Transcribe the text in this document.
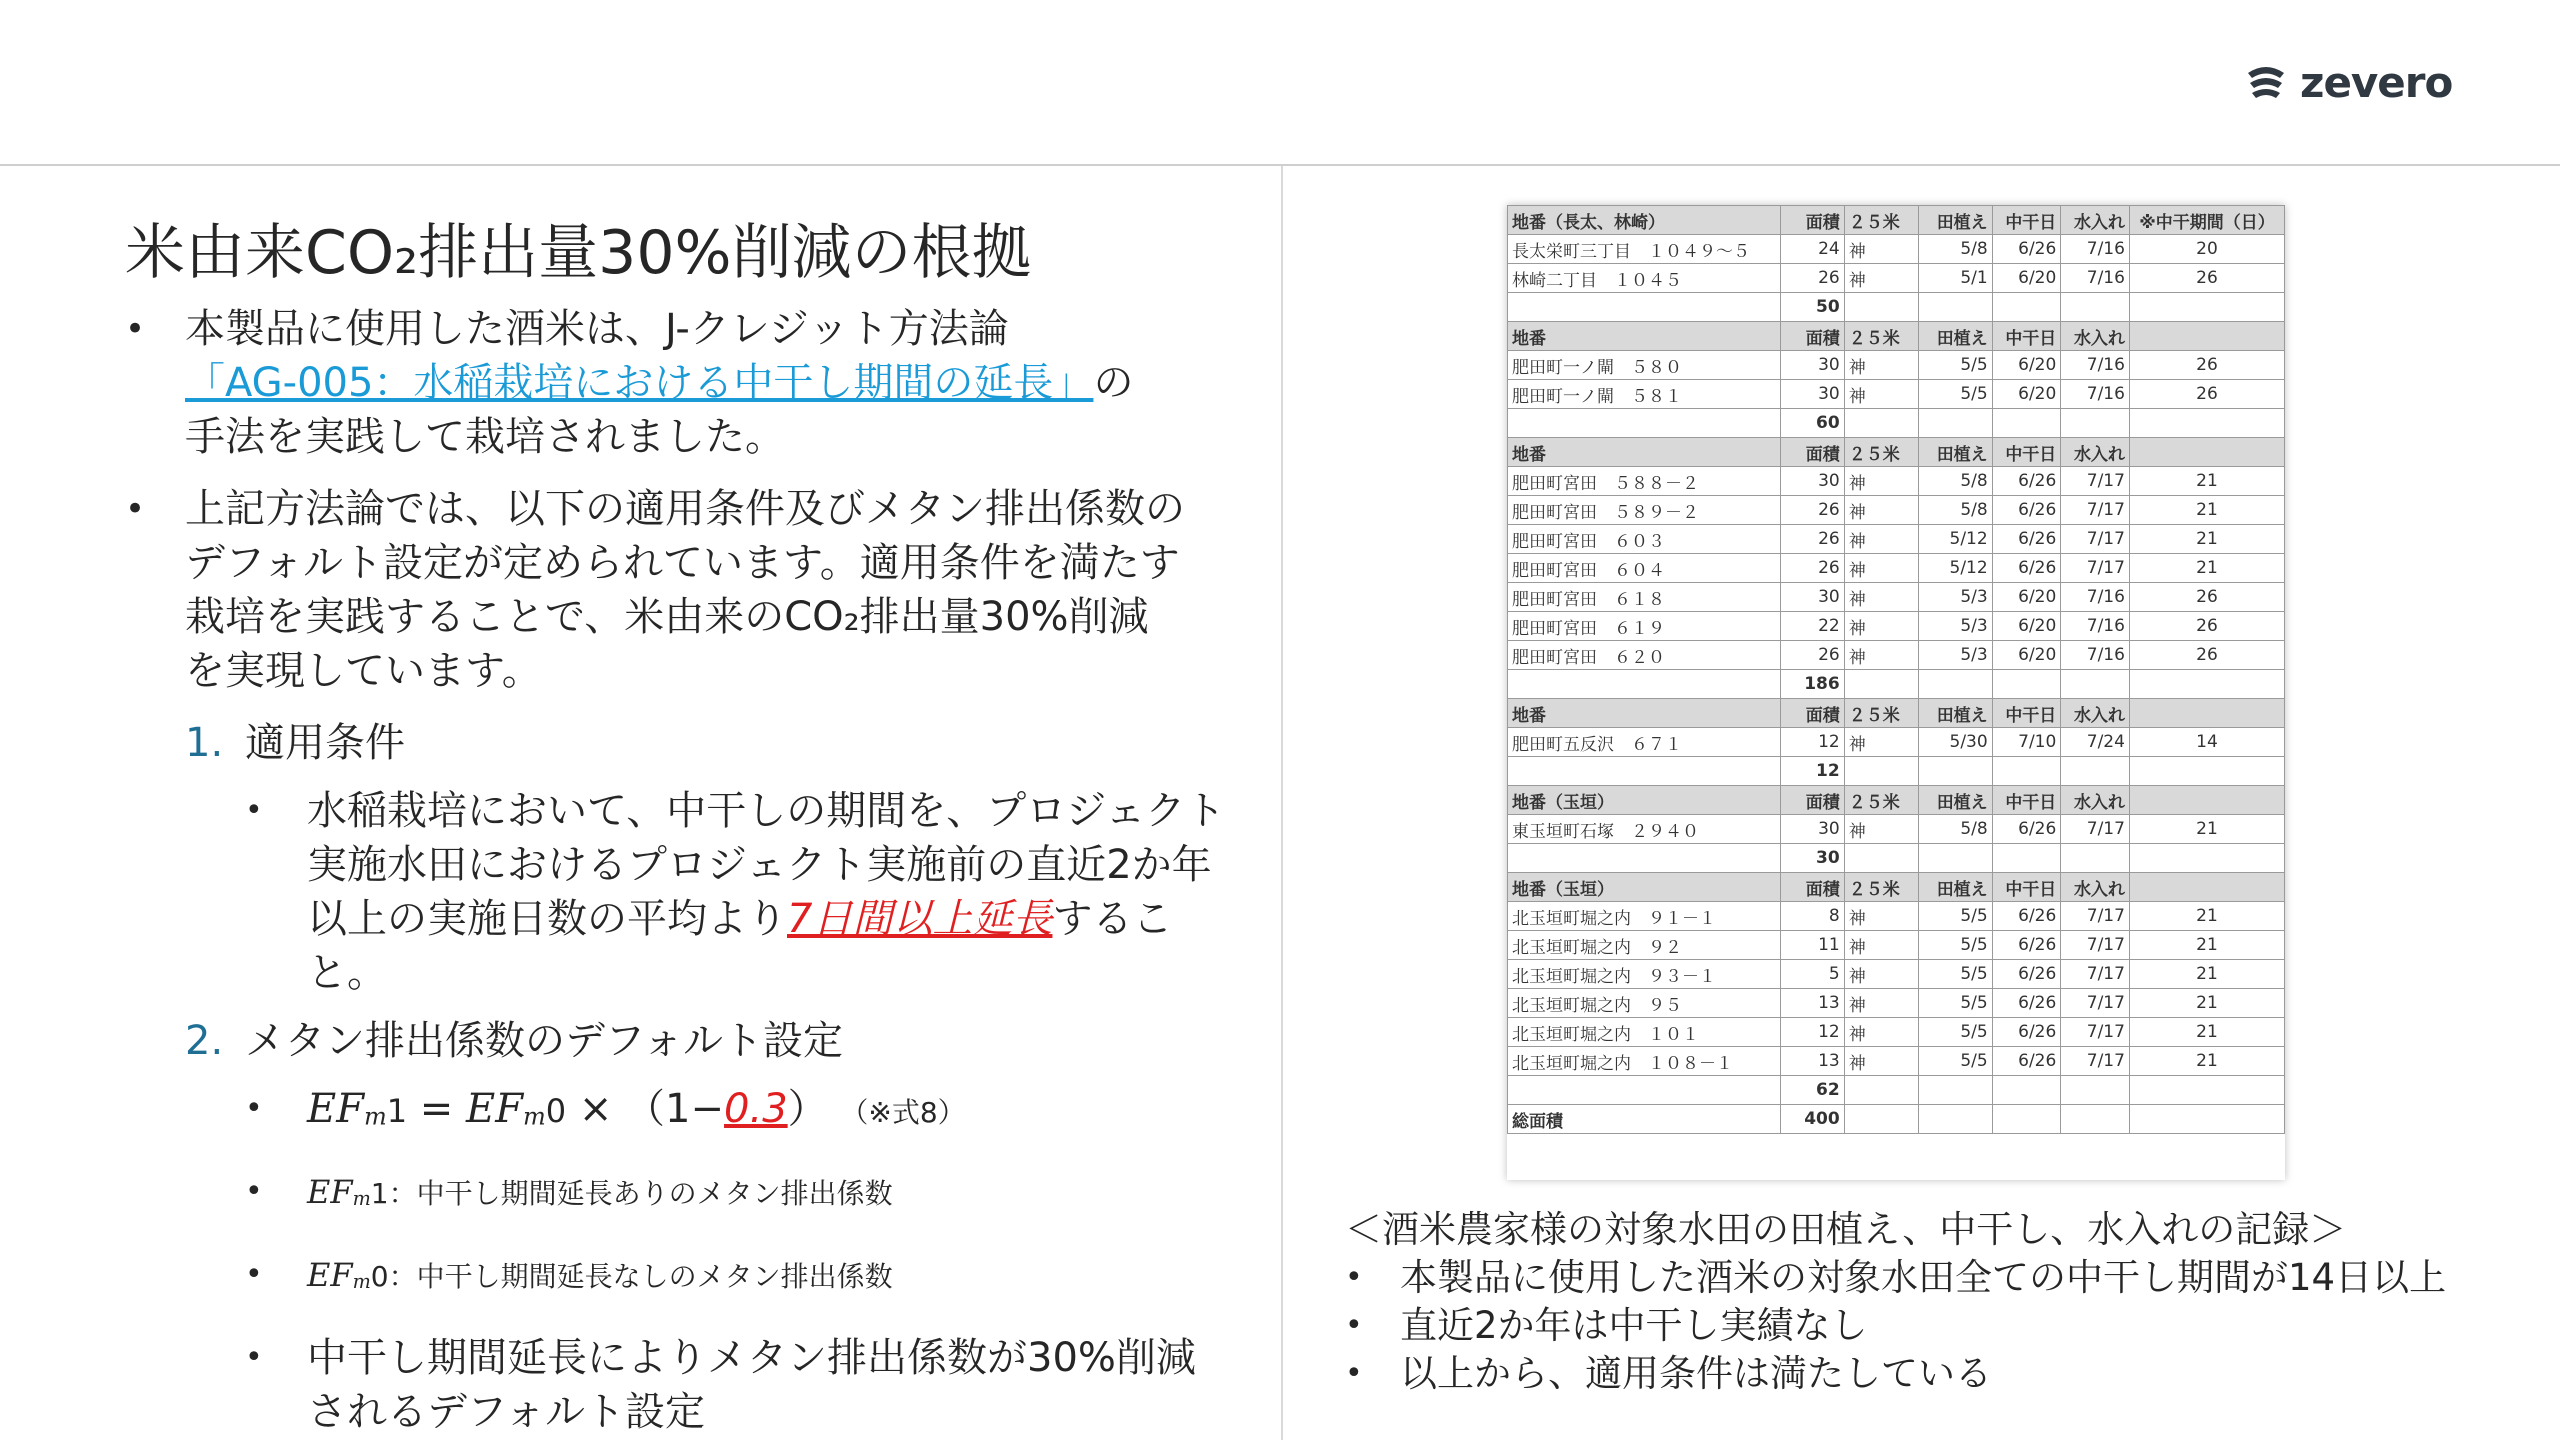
zevero
米由来CO₂排出量30%削減の根拠
• 本製品に使用した酒米は、J-クレジット方法論
「AG-005：水稲栽培における中干し期間の延長」の
手法を実践して栽培されました。
• 上記方法論では、以下の適用条件及びメタン排出係数のデフォルト設定が定められています。適用条件を満たす栽培を実践することで、米由来のCO₂排出量30%削減を実現しています。
1. 適用条件
•	水稲栽培において、中干しの期間を、プロジェクト実施水田におけるプロジェクト実施前の直近2か年以上の実施日数の平均より7日間以上延長すること。
2. メタン排出係数のデフォルト設定
•	$EF_m1 = EF_m0 \times (1-0.3)$ （※式8）
•	$EF_m1$：中干し期間延長ありのメタン排出係数
•	$EF_m0$：中干し期間延長なしのメタン排出係数
•	中干し期間延長によりメタン排出係数が30%削減されるデフォルト設定
地番（長太、林崎）	面積	２５米	田植え	中干日	水入れ	※中干期間（日）
長太栄町三丁目　１０４９～５	24	神	5/8	6/26	7/16	20
林崎二丁目　１０４５	26	神	5/1	6/20	7/16	26
	50					
地番	面積	２５米	田植え	中干日	水入れ	
肥田町一ノ閘　５８０	30	神	5/5	6/20	7/16	26
肥田町一ノ閘　５８１	30	神	5/5	6/20	7/16	26
	60					
地番	面積	２５米	田植え	中干日	水入れ	
肥田町宮田　５８８－２	30	神	5/8	6/26	7/17	21
肥田町宮田　５８９－２	26	神	5/8	6/26	7/17	21
肥田町宮田　６０３	26	神	5/12	6/26	7/17	21
肥田町宮田　６０４	26	神	5/12	6/26	7/17	21
肥田町宮田　６１８	30	神	5/3	6/20	7/16	26
肥田町宮田　６１９	22	神	5/3	6/20	7/16	26
肥田町宮田　６２０	26	神	5/3	6/20	7/16	26
	186					
地番	面積	２５米	田植え	中干日	水入れ	
肥田町五反沢　６７１	12	神	5/30	7/10	7/24	14
	12					
地番（玉垣）	面積	２５米	田植え	中干日	水入れ	
東玉垣町石塚　２９４０	30	神	5/8	6/26	7/17	21
	30					
地番（玉垣）	面積	２５米	田植え	中干日	水入れ	
北玉垣町堀之内　９１－１	8	神	5/5	6/26	7/17	21
北玉垣町堀之内　９２	11	神	5/5	6/26	7/17	21
北玉垣町堀之内　９３－１	5	神	5/5	6/26	7/17	21
北玉垣町堀之内　９５	13	神	5/5	6/26	7/17	21
北玉垣町堀之内　１０１	12	神	5/5	6/26	7/17	21
北玉垣町堀之内　１０８－１	13	神	5/5	6/26	7/17	21
	62					
総面積	400					
＜酒米農家様の対象水田の田植え、中干し、水入れの記録＞
•	本製品に使用した酒米の対象水田全ての中干し期間が14日以上
•	直近2か年は中干し実績なし
•	以上から、適用条件は満たしている
